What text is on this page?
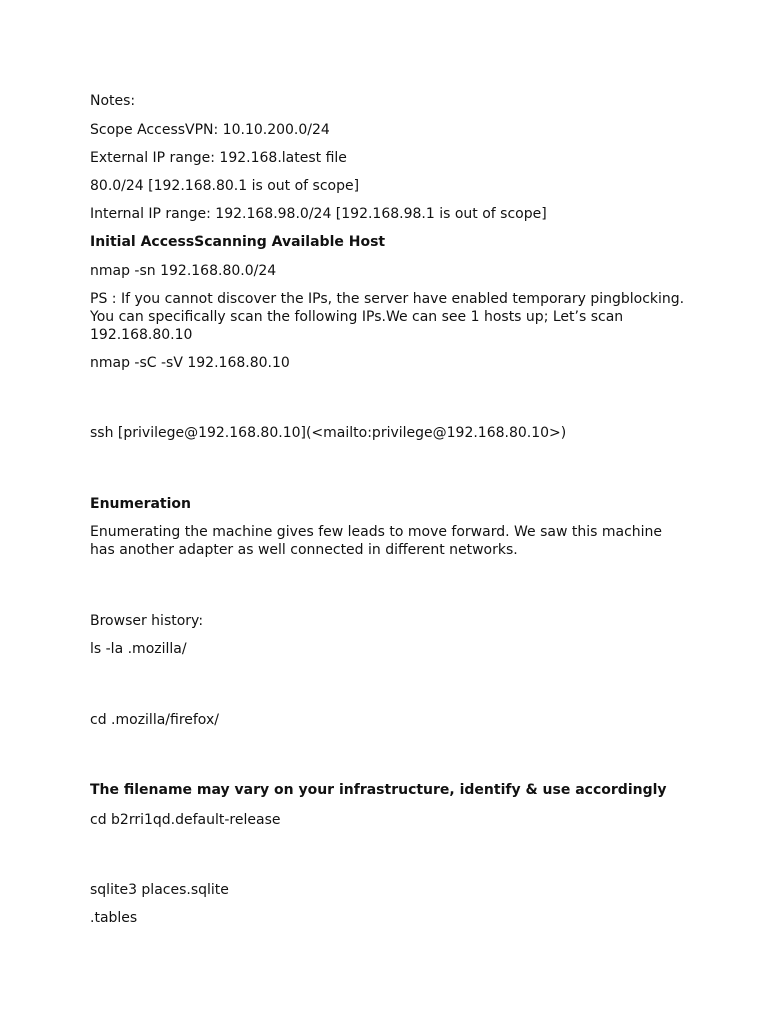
Notes:
Scope AccessVPN: 10.10.200.0/24
External IP range: 192.168.latest file
80.0/24 [192.168.80.1 is out of scope]
Internal IP range: 192.168.98.0/24 [192.168.98.1 is out of scope]
Initial AccessScanning Available Host
nmap -sn 192.168.80.0/24
PS : If you cannot discover the IPs, the server have enabled temporary pingblocking. You can specifically scan the following IPs.We can see 1 hosts up; Let’s scan 192.168.80.10
nmap -sC -sV 192.168.80.10
ssh [privilege@192.168.80.10](<mailto:privilege@192.168.80.10>)
Enumeration
Enumerating the machine gives few leads to move forward. We saw this machine has another adapter as well connected in different networks.
Browser history:
ls -la .mozilla/
cd .mozilla/firefox/
The filename may vary on your infrastructure, identify & use accordingly
cd b2rri1qd.default-release
sqlite3 places.sqlite
.tables
